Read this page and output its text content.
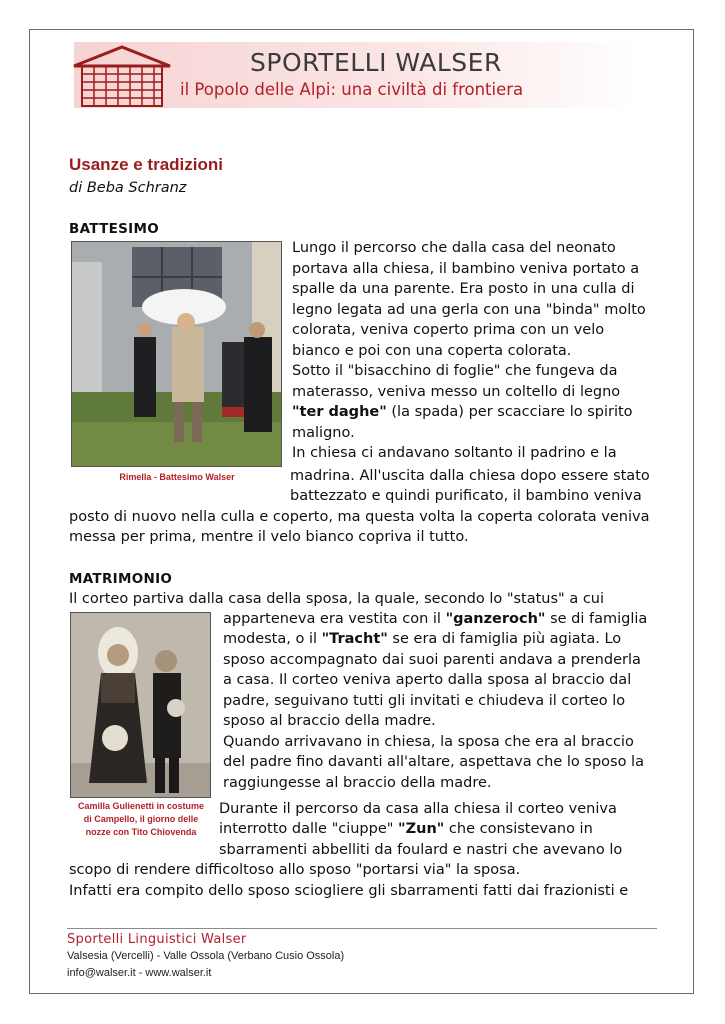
SPORTELLI WALSER
il Popolo delle Alpi: una civiltà di frontiera
Usanze e tradizioni
di Beba Schranz
BATTESIMO
Rimella - Battesimo Walser
Lungo il percorso che dalla casa del neonato
portava alla chiesa, il bambino veniva portato a
spalle da una parente. Era posto in una culla di
legno legata ad una gerla con una "binda" molto
colorata, veniva coperto prima con un velo
bianco e poi con una coperta colorata.
Sotto il "bisacchino di foglie" che fungeva da
materasso, veniva messo un coltello di legno
"ter daghe" (la spada) per scacciare lo spirito
maligno.
In chiesa ci andavano soltanto il padrino e la
madrina. All'uscita dalla chiesa dopo essere stato
battezzato e quindi purificato, il bambino veniva
posto di nuovo nella culla e coperto, ma questa volta la coperta colorata veniva
messa per prima, mentre il velo bianco copriva il tutto.
MATRIMONIO
Camilla Gulienetti in costume
di Campello, il giorno delle
nozze con Tito Chiovenda
Il corteo partiva dalla casa della sposa, la quale, secondo lo "status" a cui
apparteneva era vestita con il "ganzeroch" se di famiglia
modesta, o il "Tracht" se era di famiglia più agiata. Lo
sposo accompagnato dai suoi parenti andava a prenderla
a casa. Il corteo veniva aperto dalla sposa al braccio dal
padre, seguivano tutti gli invitati e chiudeva il corteo lo
sposo al braccio della madre.
Quando arrivavano in chiesa, la sposa che era al braccio
del padre fino davanti all'altare, aspettava che lo sposo la
raggiungesse al braccio della madre.
Durante il percorso da casa alla chiesa il corteo veniva
interrotto dalle "ciuppe" "Zun" che consistevano in
sbarramenti abbelliti da foulard e nastri che avevano lo
scopo di rendere difficoltoso allo sposo "portarsi via" la sposa.
Infatti era compito dello sposo sciogliere gli sbarramenti fatti dai frazionisti e
Sportelli Linguistici Walser
Valsesia (Vercelli) - Valle Ossola (Verbano Cusio Ossola)
info@walser.it - www.walser.it
